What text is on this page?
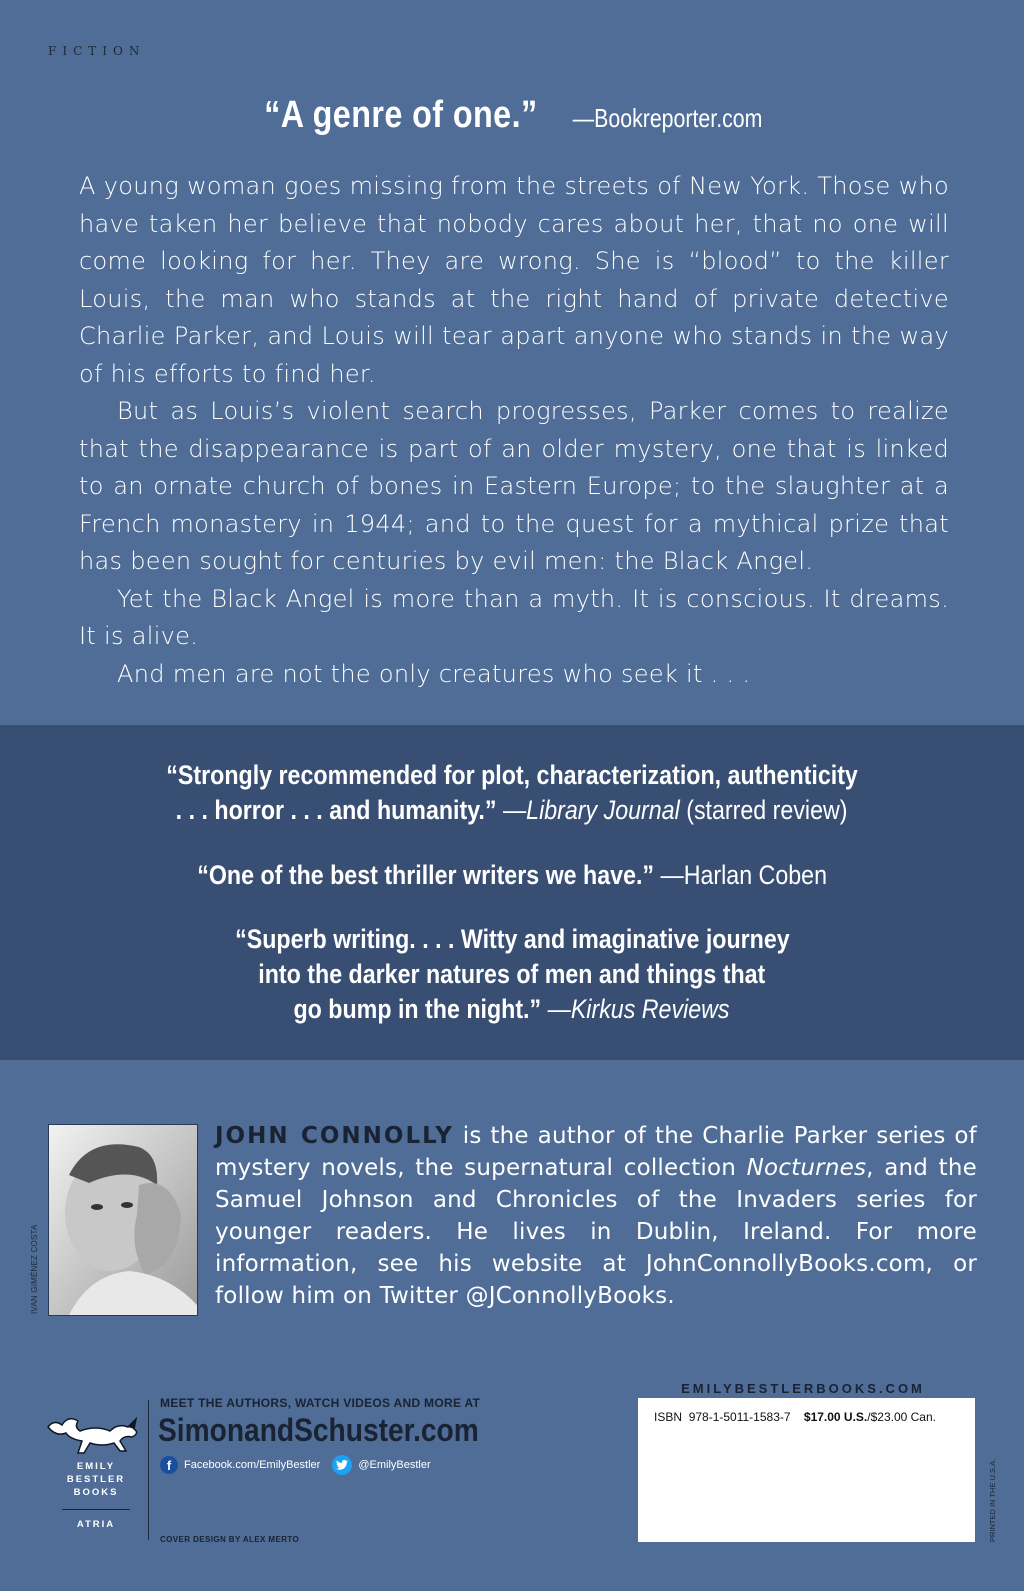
FICTION
“A genre of one.” —Bookreporter.com

A young woman goes missing from the streets of New York. Those who have taken her believe that nobody cares about her, that no one will come looking for her. They are wrong. She is “blood” to the killer Louis, the man who stands at the right hand of private detective Charlie Parker, and Louis will tear apart anyone who stands in the way of his efforts to find her.

But as Louis’s violent search progresses, Parker comes to realize that the disappearance is part of an older mystery, one that is linked to an ornate church of bones in Eastern Europe; to the slaughter at a French monastery in 1944; and to the quest for a mythical prize that has been sought for centuries by evil men: the Black Angel.

Yet the Black Angel is more than a myth. It is conscious. It dreams. It is alive.

And men are not the only creatures who seek it . . .

“Strongly recommended for plot, characterization, authenticity
. . . horror . . . and humanity.” —Library Journal (starred review)
“One of the best thriller writers we have.” —Harlan Coben
“Superb writing. . . . Witty and imaginative journey
into the darker natures of men and things that
go bump in the night.” —Kirkus Reviews
IVAN GIMÉNEZ COSTA
JOHN CONNOLLY is the author of the Charlie Parker series of mystery novels, the supernatural collection Nocturnes, and the Samuel Johnson and Chronicles of the Invaders series for younger readers. He lives in Dublin, Ireland. For more information, see his website at JohnConnollyBooks.com, or follow him on Twitter @JConnollyBooks.
EMILY
BESTLER
BOOKS
ATRIA
MEET THE AUTHORS, WATCH VIDEOS AND MORE AT
SimonandSchuster.com
f	Facebook.com/EmilyBestler	@EmilyBestler
COVER DESIGN BY ALEX MERTO
EMILYBESTLERBOOKS.COM
ISBN 978-1-5011-1583-7 $17.00 U.S./$23.00 Can.
PRINTED IN THE U.S.A.
